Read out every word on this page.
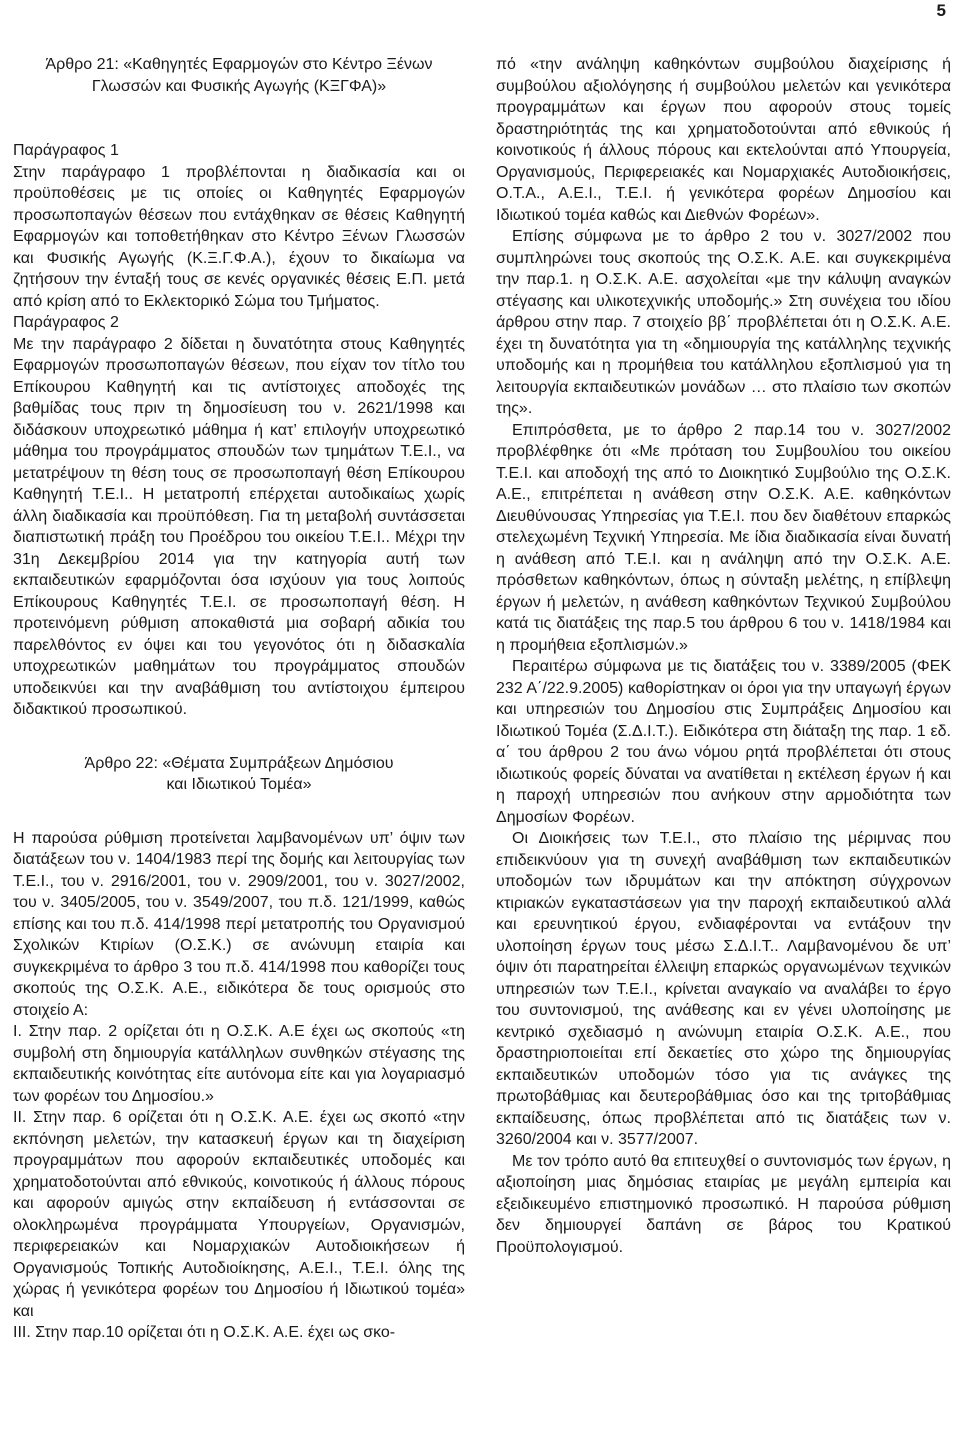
5

Άρθρο 21: «Καθηγητές Εφαρμογών στο Κέντρο Ξένων

Γλωσσών και Φυσικής Αγωγής (ΚΞΓΦΑ)»

Παράγραφος 1

Στην παράγραφο 1 προβλέπονται η διαδικασία και οι προϋποθέσεις με τις οποίες οι Καθηγητές Εφαρμογών προσωποπαγών θέσεων που εντάχθηκαν σε θέσεις Καθηγητή Εφαρμογών και τοποθετήθηκαν στο Κέντρο Ξένων Γλωσσών και Φυσικής Αγωγής (Κ.Ξ.Γ.Φ.Α.), έχουν το δικαίωμα να ζητήσουν την ένταξή τους σε κενές οργανικές θέσεις Ε.Π. μετά από κρίση από το Εκλεκτορικό Σώμα του Τμήματος.

Παράγραφος 2

Με την παράγραφο 2 δίδεται η δυνατότητα στους Καθηγητές Εφαρμογών προσωποπαγών θέσεων, που είχαν τον τίτλο του Επίκουρου Καθηγητή και τις αντίστοιχες αποδοχές της βαθμίδας τους πριν τη δημοσίευση του ν. 2621/1998 και διδάσκουν υποχρεωτικό μάθημα ή κατ’ επιλογήν υποχρεωτικό μάθημα του προγράμματος σπουδών των τμημάτων Τ.Ε.Ι., να μετατρέψουν τη θέση τους σε προσωποπαγή θέση Επίκουρου Καθηγητή Τ.Ε.Ι.. Η μετατροπή επέρχεται αυτοδικαίως χωρίς άλλη διαδικασία και προϋπόθεση. Για τη μεταβολή συντάσσεται διαπιστωτική πράξη του Προέδρου του οικείου Τ.Ε.Ι.. Μέχρι την 31η Δεκεμβρίου 2014 για την κατηγορία αυτή των εκπαιδευτικών εφαρμόζονται όσα ισχύουν για τους λοιπούς Επίκουρους Καθηγητές Τ.Ε.Ι. σε προσωποπαγή θέση. Η προτεινόμενη ρύθμιση αποκαθιστά μια σοβαρή αδικία του παρελθόντος εν όψει και του γεγονότος ότι η διδασκαλία υποχρεωτικών μαθημάτων του προγράμματος σπουδών υποδεικνύει και την αναβάθμιση του αντίστοιχου έμπειρου διδακτικού προσωπικού.

Άρθρο 22: «Θέματα Συμπράξεων Δημόσιου

και Ιδιωτικού Τομέα»

Η παρούσα ρύθμιση προτείνεται λαμβανομένων υπ’ όψιν των διατάξεων του ν. 1404/1983 περί της δομής και λειτουργίας των Τ.Ε.Ι., του ν. 2916/2001, του ν. 2909/2001, του ν. 3027/2002, του ν. 3405/2005, του ν. 3549/2007, του π.δ. 121/1999, καθώς επίσης και του π.δ. 414/1998 περί μετατροπής του Οργανισμού Σχολικών Κτιρίων (Ο.Σ.Κ.) σε ανώνυμη εταιρία και συγκεκριμένα το άρθρο 3 του π.δ. 414/1998 που καθορίζει τους σκοπούς της Ο.Σ.Κ. Α.Ε., ειδικότερα δε τους ορισμούς στο στοιχείο Α:

Ι. Στην παρ. 2 ορίζεται ότι η Ο.Σ.Κ. Α.Ε έχει ως σκοπούς «τη συμβολή στη δημιουργία κατάλληλων συνθηκών στέγασης της εκπαιδευτικής κοινότητας είτε αυτόνομα είτε και για λογαριασμό των φορέων του Δημοσίου.»

ΙΙ. Στην παρ. 6 ορίζεται ότι η Ο.Σ.Κ. Α.Ε. έχει ως σκοπό «την εκπόνηση μελετών, την κατασκευή έργων και τη διαχείριση προγραμμάτων που αφορούν εκπαιδευτικές υποδομές και χρηματοδοτούνται από εθνικούς, κοινοτικούς ή άλλους πόρους και αφορούν αμιγώς στην εκπαίδευση ή εντάσσονται σε ολοκληρωμένα προγράμματα Υπουργείων, Οργανισμών, περιφερειακών και Νομαρχιακών Αυτοδιοικήσεων ή Οργανισμούς Τοπικής Αυτοδιοίκησης, Α.Ε.Ι., Τ.Ε.Ι. όλης της χώρας ή γενικότερα φορέων του Δημοσίου ή Ιδιωτικού τομέα» και

ΙΙΙ. Στην παρ.10 ορίζεται ότι η Ο.Σ.Κ. Α.Ε. έχει ως σκο-

πό «την ανάληψη καθηκόντων συμβούλου διαχείρισης ή συμβούλου αξιολόγησης ή συμβούλου μελετών και γενικότερα προγραμμάτων και έργων που αφορούν στους τομείς δραστηριότητάς της και χρηματοδοτούνται από εθνικούς ή κοινοτικούς ή άλλους πόρους και εκτελούνται από Υπουργεία, Οργανισμούς, Περιφερειακές και Νομαρχιακές Αυτοδιοικήσεις, Ο.Τ.Α., Α.Ε.Ι., Τ.Ε.Ι. ή γενικότερα φορέων Δημοσίου και Ιδιωτικού τομέα καθώς και Διεθνών Φορέων».

Επίσης σύμφωνα με το άρθρο 2 του ν. 3027/2002 που συμπληρώνει τους σκοπούς της Ο.Σ.Κ. Α.Ε. και συγκεκριμένα την παρ.1. η Ο.Σ.Κ. Α.Ε. ασχολείται «με την κάλυψη αναγκών στέγασης και υλικοτεχνικής υποδομής.» Στη συνέχεια του ιδίου άρθρου στην παρ. 7 στοιχείο ββ΄ προβλέπεται ότι η Ο.Σ.Κ. Α.Ε. έχει τη δυνατότητα για τη «δημιουργία της κατάλληλης τεχνικής υποδομής και η προμήθεια του κατάλληλου εξοπλισμού για τη λειτουργία εκπαιδευτικών μονάδων … στο πλαίσιο των σκοπών της».

Επιπρόσθετα, με το άρθρο 2 παρ.14 του ν. 3027/2002 προβλέφθηκε ότι «Με πρόταση του Συμβουλίου του οικείου Τ.Ε.Ι. και αποδοχή της από το Διοικητικό Συμβούλιο της Ο.Σ.Κ. Α.Ε., επιτρέπεται η ανάθεση στην Ο.Σ.Κ. Α.Ε. καθηκόντων Διευθύνουσας Υπηρεσίας για Τ.Ε.Ι. που δεν διαθέτουν επαρκώς στελεχωμένη Τεχνική Υπηρεσία. Με ίδια διαδικασία είναι δυνατή η ανάθεση από Τ.Ε.Ι. και η ανάληψη από την Ο.Σ.Κ. Α.Ε. πρόσθετων καθηκόντων, όπως η σύνταξη μελέτης, η επίβλεψη έργων ή μελετών, η ανάθεση καθηκόντων Τεχνικού Συμβούλου κατά τις διατάξεις της παρ.5 του άρθρου 6 του ν. 1418/1984 και η προμήθεια εξοπλισμών.»

Περαιτέρω σύμφωνα με τις διατάξεις του ν. 3389/2005 (ΦΕΚ 232 Α΄/22.9.2005) καθορίστηκαν οι όροι για την υπαγωγή έργων και υπηρεσιών του Δημοσίου στις Συμπράξεις Δημοσίου και Ιδιωτικού Τομέα (Σ.Δ.Ι.Τ.). Ειδικότερα στη διάταξη της παρ. 1 εδ. α΄ του άρθρου 2 του άνω νόμου ρητά προβλέπεται ότι στους ιδιωτικούς φορείς δύναται να ανατίθεται η εκτέλεση έργων ή και η παροχή υπηρεσιών που ανήκουν στην αρμοδιότητα των Δημοσίων Φορέων.

Οι Διοικήσεις των Τ.Ε.Ι., στο πλαίσιο της μέριμνας που επιδεικνύουν για τη συνεχή αναβάθμιση των εκπαιδευτικών υποδομών των ιδρυμάτων και την απόκτηση σύγχρονων κτιριακών εγκαταστάσεων για την παροχή εκπαιδευτικού αλλά και ερευνητικού έργου, ενδιαφέρονται να εντάξουν την υλοποίηση έργων τους μέσω Σ.Δ.Ι.Τ.. Λαμβανομένου δε υπ’ όψιν ότι παρατηρείται έλλειψη επαρκώς οργανωμένων τεχνικών υπηρεσιών των Τ.Ε.Ι., κρίνεται αναγκαίο να αναλάβει το έργο του συντονισμού, της ανάθεσης και εν γένει υλοποίησης με κεντρικό σχεδιασμό η ανώνυμη εταιρία Ο.Σ.Κ. Α.Ε., που δραστηριοποιείται επί δεκαετίες στο χώρο της δημιουργίας εκπαιδευτικών υποδομών τόσο για τις ανάγκες της πρωτοβάθμιας και δευτεροβάθμιας όσο και της τριτοβάθμιας εκπαίδευσης, όπως προβλέπεται από τις διατάξεις των ν. 3260/2004 και ν. 3577/2007.

Με τον τρόπο αυτό θα επιτευχθεί ο συντονισμός των έργων, η αξιοποίηση μιας δημόσιας εταιρίας με μεγάλη εμπειρία και εξειδικευμένο επιστημονικό προσωπικό. Η παρούσα ρύθμιση δεν δημιουργεί δαπάνη σε βάρος του Κρατικού Προϋπολογισμού.
